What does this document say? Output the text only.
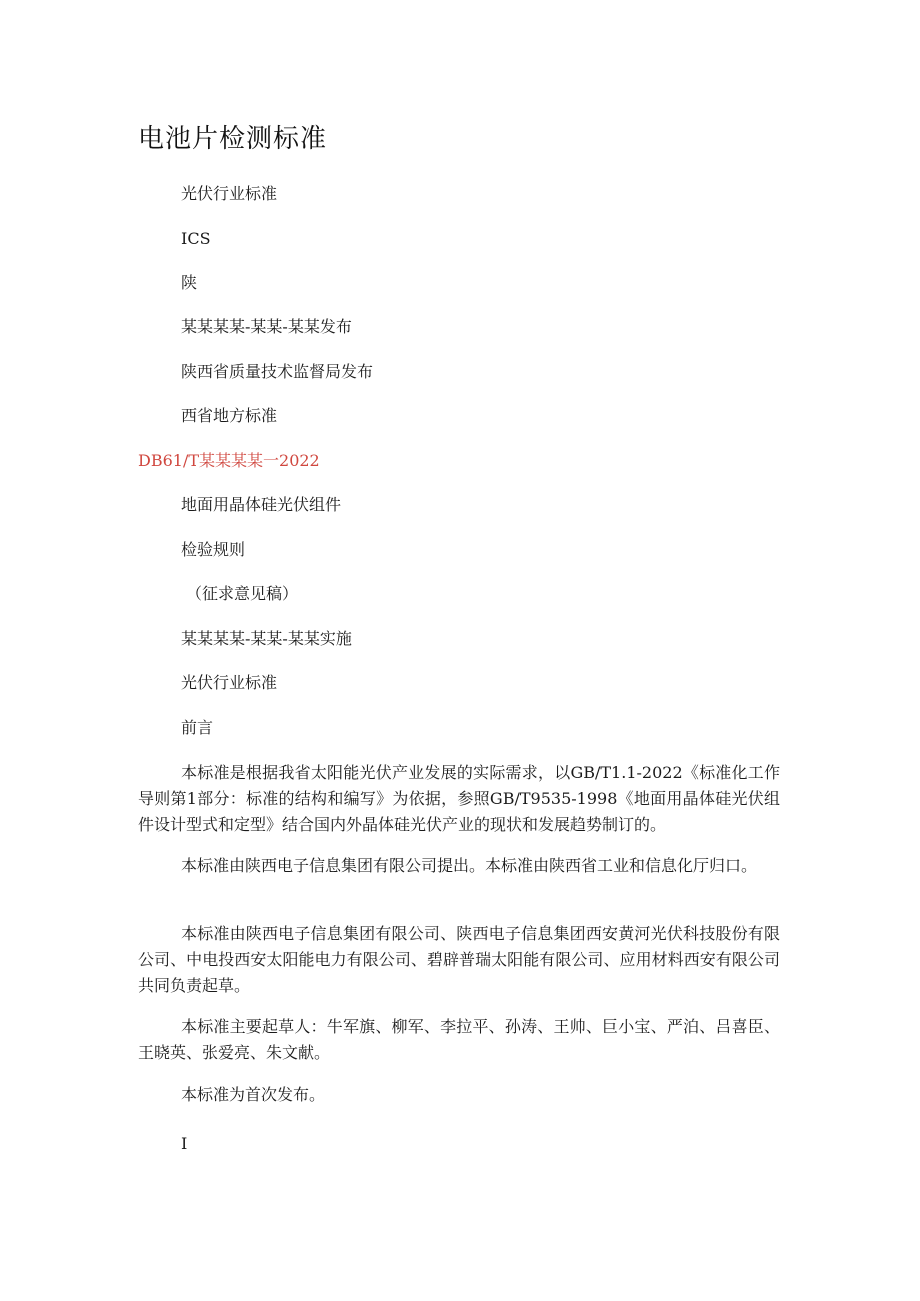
电池片检测标准
光伏行业标准
ICS
陕
某某某某-某某-某某发布
陕西省质量技术监督局发布
西省地方标准
DB61/T某某某某一2022
地面用晶体硅光伏组件
检验规则
（征求意见稿）
某某某某-某某-某某实施
光伏行业标准
前言
本标准是根据我省太阳能光伏产业发展的实际需求，以GB/T1.1-2022《标准化工作导则第1部分：标准的结构和编写》为依据，参照GB/T9535-1998《地面用晶体硅光伏组件设计型式和定型》结合国内外晶体硅光伏产业的现状和发展趋势制订的。
本标准由陕西电子信息集团有限公司提出。本标准由陕西省工业和信息化厅归口。
本标准由陕西电子信息集团有限公司、陕西电子信息集团西安黄河光伏科技股份有限公司、中电投西安太阳能电力有限公司、碧辟普瑞太阳能有限公司、应用材料西安有限公司共同负责起草。
本标准主要起草人：牛军旗、柳军、李拉平、孙涛、王帅、巨小宝、严泊、吕喜臣、王晓英、张爱亮、朱文献。
本标准为首次发布。
I
